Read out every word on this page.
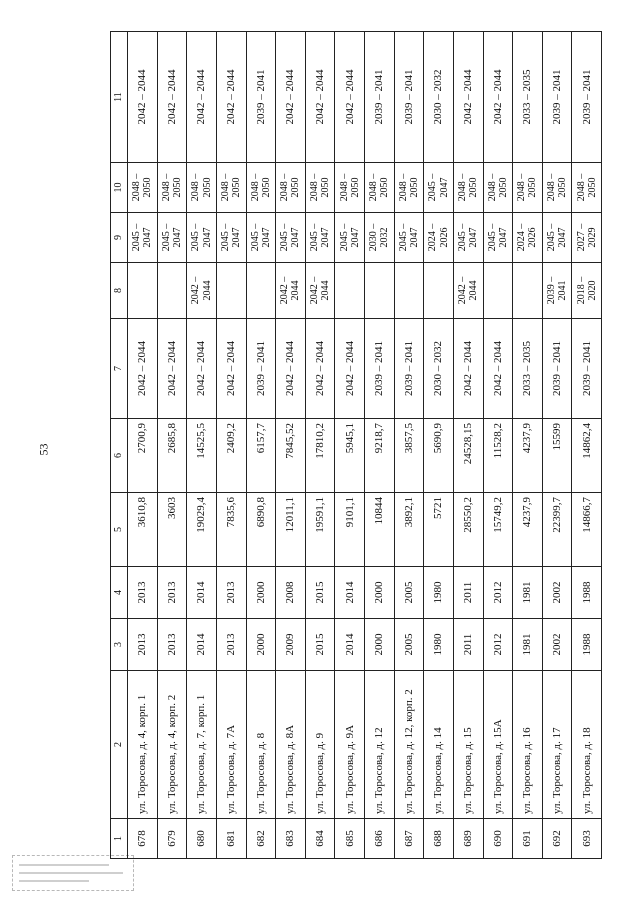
53
1	2	3	4	5	6	7	8	9	10	11
678	ул. Торосова, д. 4, корп. 1	2013	2013	3610,8	2700,9	2042 – 2044		2045 – 2047	2048 – 2050	2042 – 2044
679	ул. Торосова, д. 4, корп. 2	2013	2013	3603	2685,8	2042 – 2044		2045 – 2047	2048 – 2050	2042 – 2044
680	ул. Торосова, д. 7, корп. 1	2014	2014	19029,4	14525,5	2042 – 2044	2042 – 2044	2045 – 2047	2048 – 2050	2042 – 2044
681	ул. Торосова, д. 7А	2013	2013	7835,6	2409,2	2042 – 2044		2045 – 2047	2048 – 2050	2042 – 2044
682	ул. Торосова, д. 8	2000	2000	6890,8	6157,7	2039 – 2041		2045 – 2047	2048 – 2050	2039 – 2041
683	ул. Торосова, д. 8А	2009	2008	12011,1	7845,52	2042 – 2044	2042 – 2044	2045 – 2047	2048 – 2050	2042 – 2044
684	ул. Торосова, д. 9	2015	2015	19591,1	17810,2	2042 – 2044	2042 – 2044	2045 – 2047	2048 – 2050	2042 – 2044
685	ул. Торосова, д. 9А	2014	2014	9101,1	5945,1	2042 – 2044		2045 – 2047	2048 – 2050	2042 – 2044
686	ул. Торосова, д. 12	2000	2000	10844	9218,7	2039 – 2041		2030 – 2032	2048 – 2050	2039 – 2041
687	ул. Торосова, д. 12, корп. 2	2005	2005	3892,1	3857,5	2039 – 2041		2045 – 2047	2048 – 2050	2039 – 2041
688	ул. Торосова, д. 14	1980	1980	5721	5690,9	2030 – 2032		2024 – 2026	2045 – 2047	2030 – 2032
689	ул. Торосова, д. 15	2011	2011	28550,2	24528,15	2042 – 2044	2042 – 2044	2045 – 2047	2048 – 2050	2042 – 2044
690	ул. Торосова, д. 15А	2012	2012	15749,2	11528,2	2042 – 2044		2045 – 2047	2048 – 2050	2042 – 2044
691	ул. Торосова, д. 16	1981	1981	4237,9	4237,9	2033 – 2035		2024 – 2026	2048 – 2050	2033 – 2035
692	ул. Торосова, д. 17	2002	2002	22399,7	15599	2039 – 2041	2039 – 2041	2045 – 2047	2048 – 2050	2039 – 2041
693	ул. Торосова, д. 18	1988	1988	14866,7	14862,4	2039 – 2041	2018 – 2020	2027 – 2029	2048 – 2050	2039 – 2041
